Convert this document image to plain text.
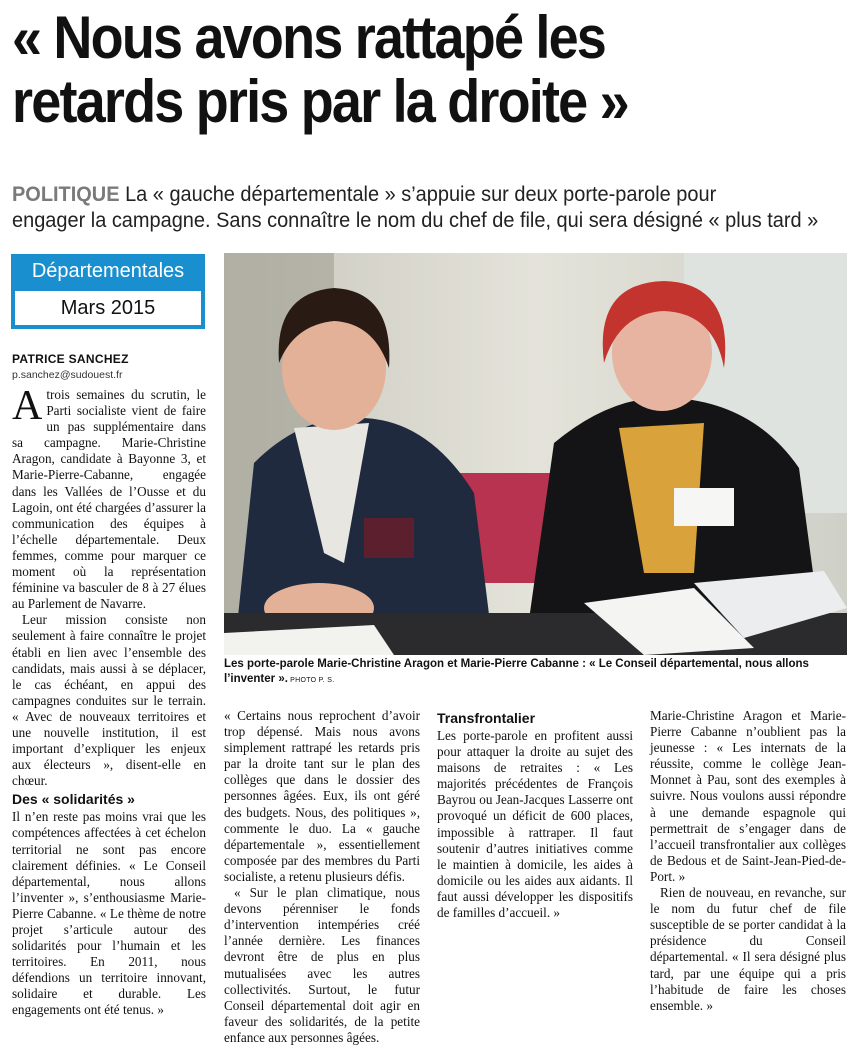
« Nous avons rattapé les
retards pris par la droite »
POLITIQUE La « gauche départementale » s’appuie sur deux porte-parole pour
engager la campagne. Sans connaître le nom du chef de file, qui sera désigné « plus tard »
Départementales
Mars 2015
PATRICE SANCHEZ
p.sanchez@sudouest.fr
Les porte-parole Marie-Christine Aragon et Marie-Pierre Cabanne : « Le Conseil départemental, nous allons l’inventer ». PHOTO P. S.

Atrois semaines du scrutin, le Parti socialiste vient de faire un pas supplémentaire dans sa campagne. Marie-Christine Aragon, candidate à Bayonne 3, et Marie-Pierre-Cabanne, engagée dans les Vallées de l’Ousse et du Lagoin, ont été chargées d’assurer la communication des équipes à l’échelle départementale. Deux femmes, comme pour marquer ce moment où la représentation féminine va basculer de 8 à 27 élues au Parlement de Navarre.

Leur mission consiste non seulement à faire connaître le projet établi en lien avec l’ensemble des candidats, mais aussi à se déplacer, le cas échéant, en appui des campagnes conduites sur le terrain. « Avec de nouveaux territoires et une nouvelle institution, il est important d’expliquer les enjeux aux électeurs », disent-elle en chœur.

Des « solidarités »

Il n’en reste pas moins vrai que les compétences affectées à cet échelon territorial ne sont pas encore clairement définies. « Le Conseil départemental, nous allons l’inventer », s’enthousiasme Marie-Pierre Cabanne. « Le thème de notre projet s’articule autour des solidarités pour l’humain et les territoires. En 2011, nous défendions un territoire innovant, solidaire et durable. Les engagements ont été tenus. »

« Certains nous reprochent d’avoir trop dépensé. Mais nous avons simplement rattrapé les retards pris par la droite tant sur le plan des collèges que dans le dossier des personnes âgées. Eux, ils ont géré des budgets. Nous, des politiques », commente le duo. La « gauche départementale », essentiellement composée par des membres du Parti socialiste, a retenu plusieurs défis.

« Sur le plan climatique, nous devons pérenniser le fonds d’intervention intempéries créé l’année dernière. Les finances devront être de plus en plus mutualisées avec les autres collectivités. Surtout, le futur Conseil départemental doit agir en faveur des solidarités, de la petite enfance aux personnes âgées.

Transfrontalier

Les porte-parole en profitent aussi pour attaquer la droite au sujet des maisons de retraites : « Les majorités précédentes de François Bayrou ou Jean-Jacques Lasserre ont provoqué un déficit de 600 places, impossible à rattraper. Il faut soutenir d’autres initiatives comme le maintien à domicile, les aides à domicile ou les aides aux aidants. Il faut aussi développer les dispositifs de familles d’accueil. »

Marie-Christine Aragon et Marie-Pierre Cabanne n’oublient pas la jeunesse : « Les internats de la réussite, comme le collège Jean-Monnet à Pau, sont des exemples à suivre. Nous voulons aussi répondre à une demande espagnole qui permettrait de s’engager dans de l’accueil transfrontalier aux collèges de Bedous et de Saint-Jean-Pied-de-Port. »

Rien de nouveau, en revanche, sur le nom du futur chef de file susceptible de se porter candidat à la présidence du Conseil départemental. « Il sera désigné plus tard, par une équipe qui a pris l’habitude de faire les choses ensemble. »
